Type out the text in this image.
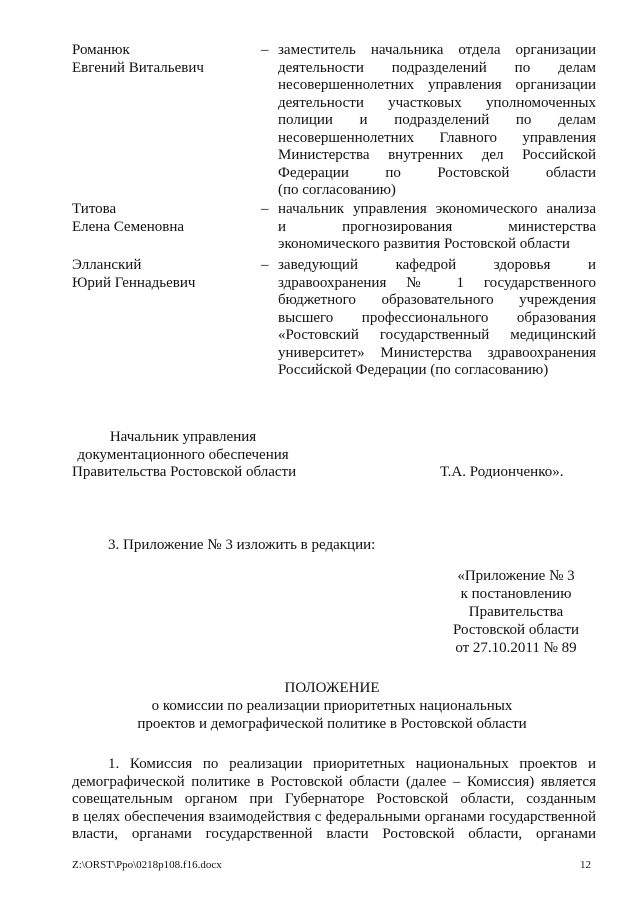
Романюк
Евгений Витальевич
– заместитель начальника отдела организации
деятельности подразделений по делам
несовершеннолетних управления организации
деятельности участковых уполномоченных
полиции и подразделений по делам
несовершеннолетних Главного управления
Министерства внутренних дел Российской
Федерации по Ростовской области
(по согласованию)
Титова
Елена Семеновна
– начальник управления экономического анализа
и прогнозирования министерства
экономического развития Ростовской области
Элланский
Юрий Геннадьевич
– заведующий кафедрой здоровья и
здравоохранения № 1 государственного
бюджетного образовательного учреждения
высшего профессионального образования
«Ростовский государственный медицинский
университет» Министерства здравоохранения
Российской Федерации (по согласованию)
Начальник управления
документационного обеспечения
Правительства Ростовской области	Т.А. Родионченко».
3. Приложение № 3 изложить в редакции:
«Приложение № 3
к постановлению
Правительства
Ростовской области
от 27.10.2011 № 89
ПОЛОЖЕНИЕ
о комиссии по реализации приоритетных национальных
проектов и демографической политике в Ростовской области
1. Комиссия по реализации приоритетных национальных проектов и
демографической политике в Ростовской области (далее – Комиссия) является
совещательным органом при Губернаторе Ростовской области, созданным
в целях обеспечения взаимодействия с федеральными органами государственной
власти, органами государственной власти Ростовской области, органами
Z:\ORST\Ppo\0218p108.f16.docx	12
